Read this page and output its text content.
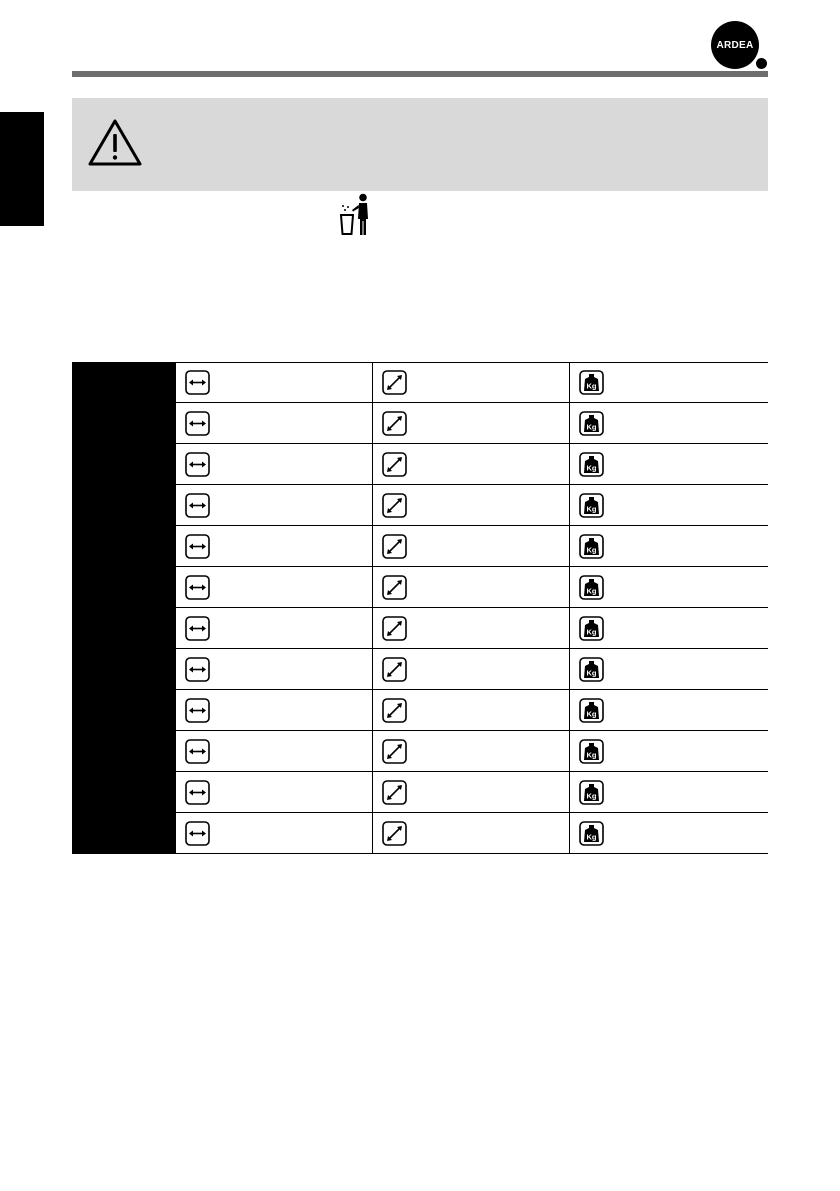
ARDEA
Kg
Kg
Kg
Kg
Kg
Kg
Kg
Kg
Kg
Kg
Kg
Kg
